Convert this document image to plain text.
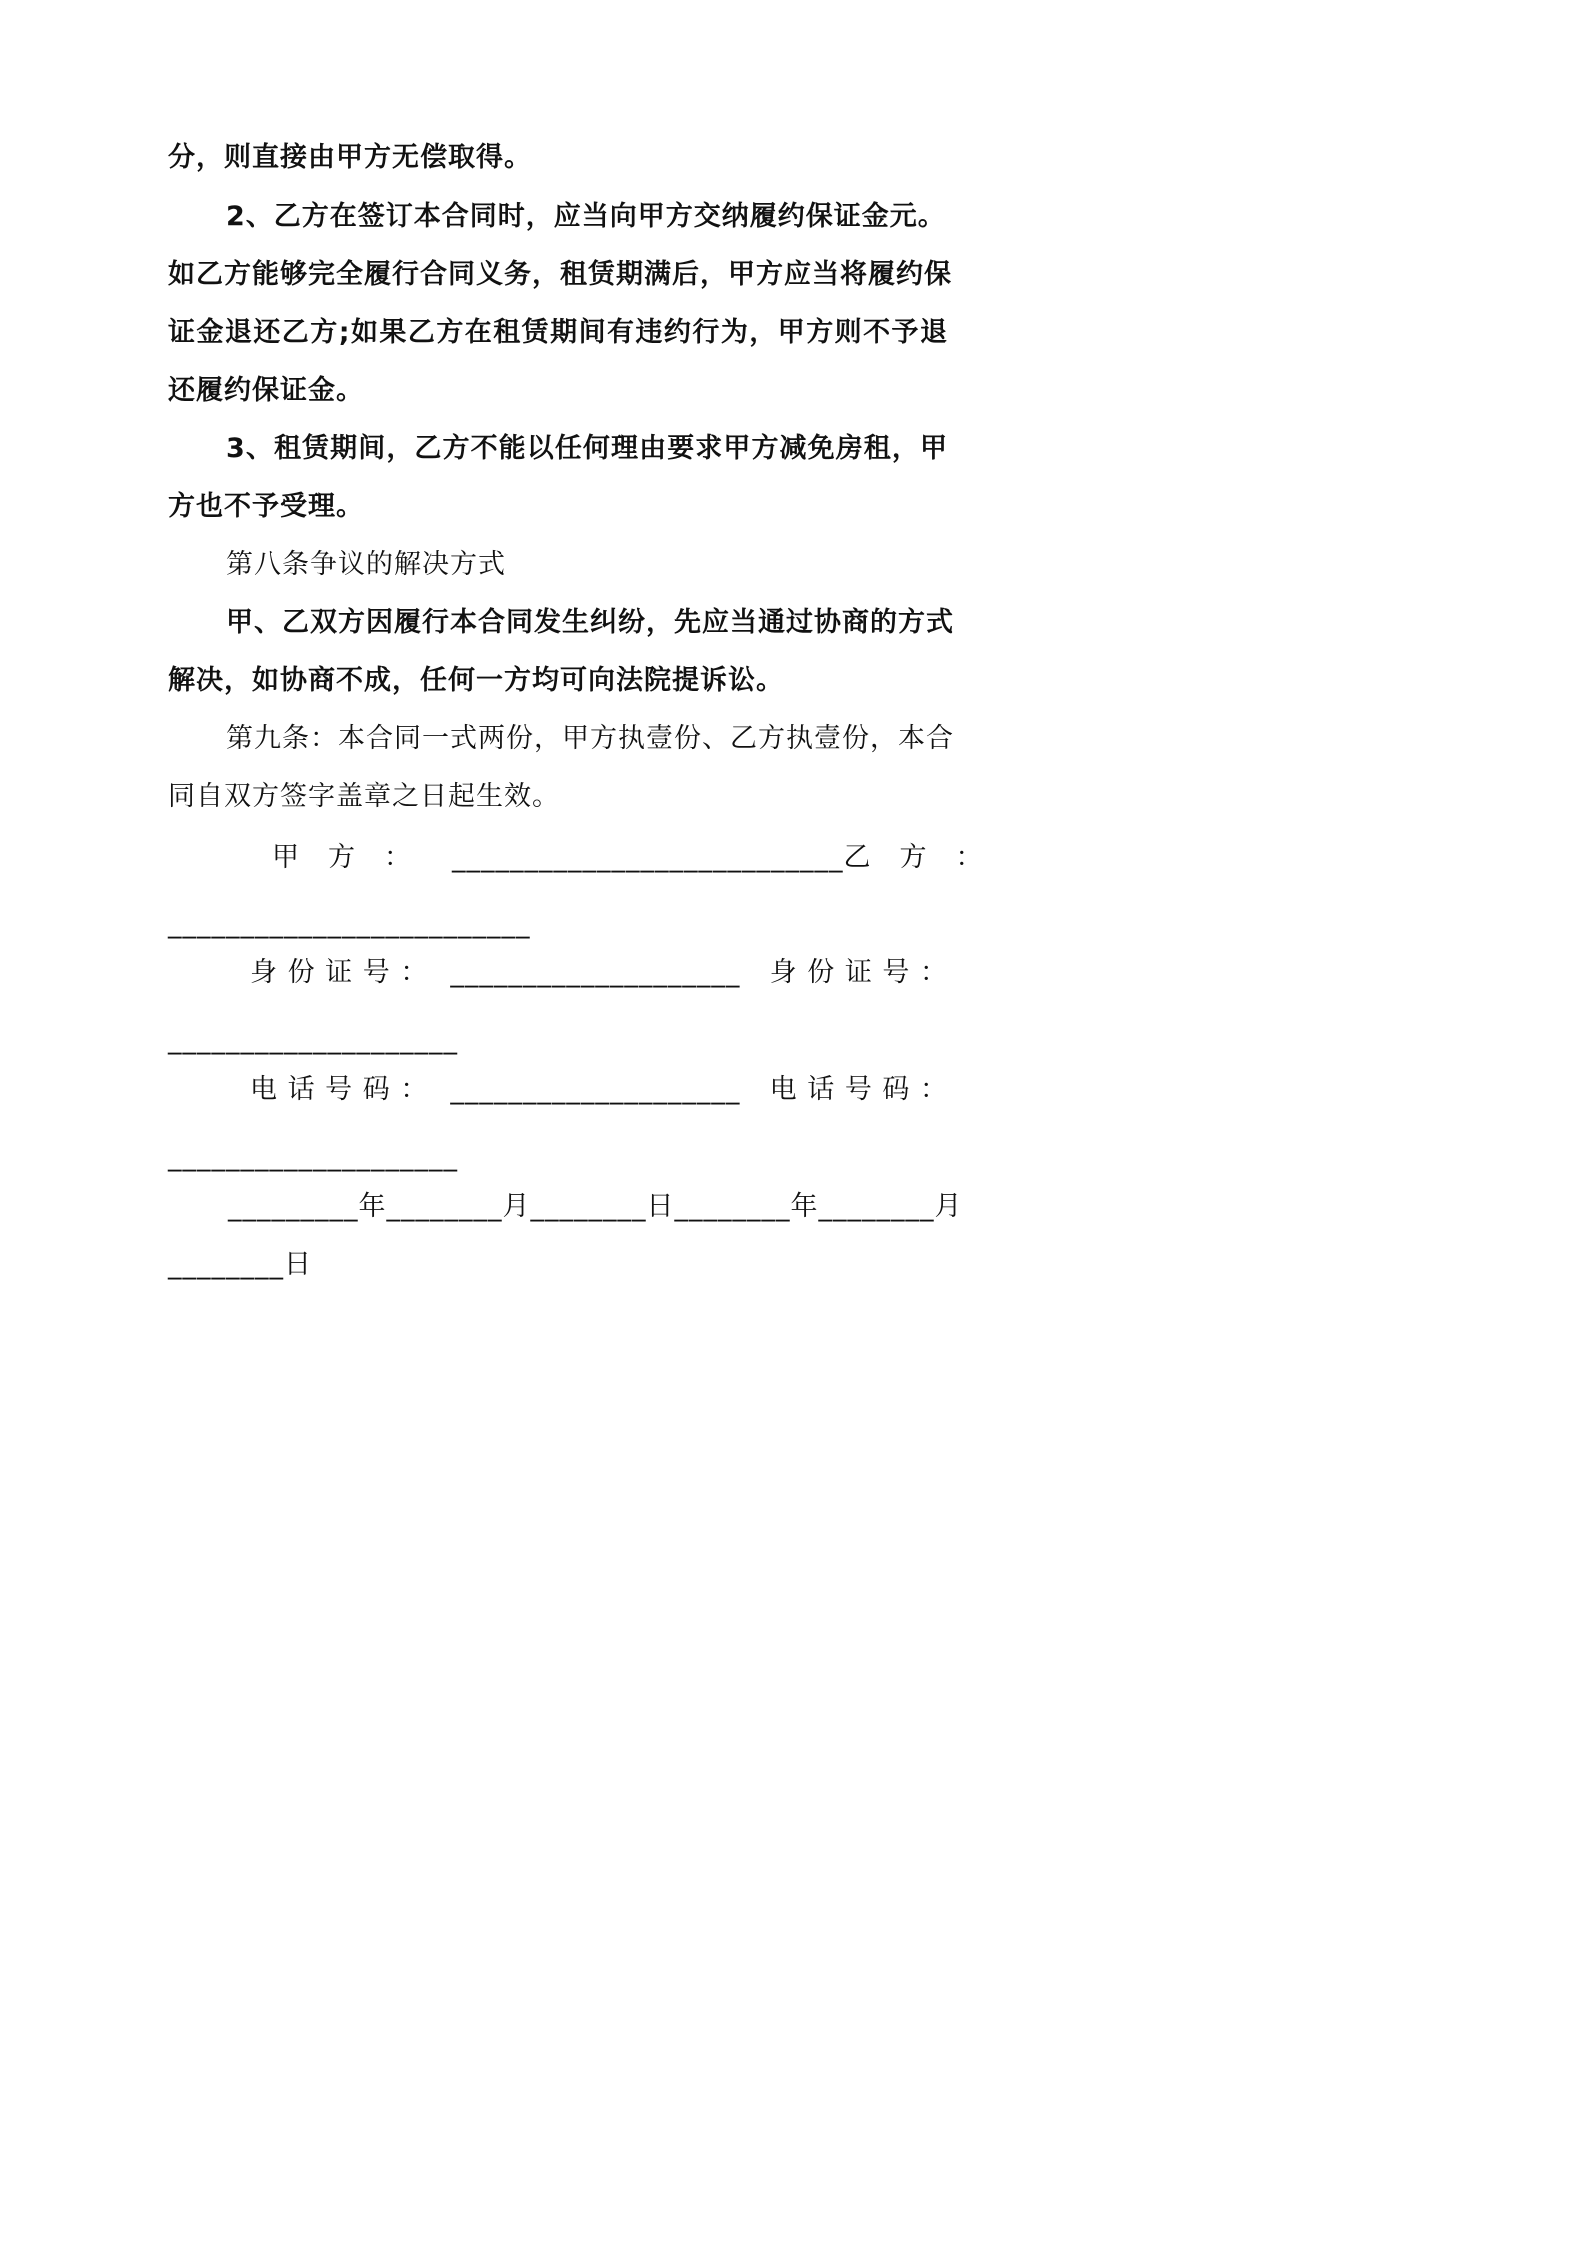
分，则直接由甲方无偿取得。
2、乙方在签订本合同时，应当向甲方交纳履约保证金元。
如乙方能够完全履行合同义务，租赁期满后，甲方应当将履约保
证金退还乙方;如果乙方在租赁期间有违约行为，甲方则不予退
还履约保证金。
3、租赁期间，乙方不能以任何理由要求甲方减免房租，甲
方也不予受理。
第八条争议的解决方式
甲、乙双方因履行本合同发生纠纷，先应当通过协商的方式
解决，如协商不成，任何一方均可向法院提诉讼。
第九条：本合同一式两份，甲方执壹份、乙方执壹份，本合
同自双方签字盖章之日起生效。
甲　方　： ___________________________ 乙　方　：
_________________________
身 份 证 号 ： ____________________ 身 份 证 号 ：
____________________
电 话 号 码 ： ____________________ 电 话 号 码 ：
____________________
_________年________月________日________年________月
________日
